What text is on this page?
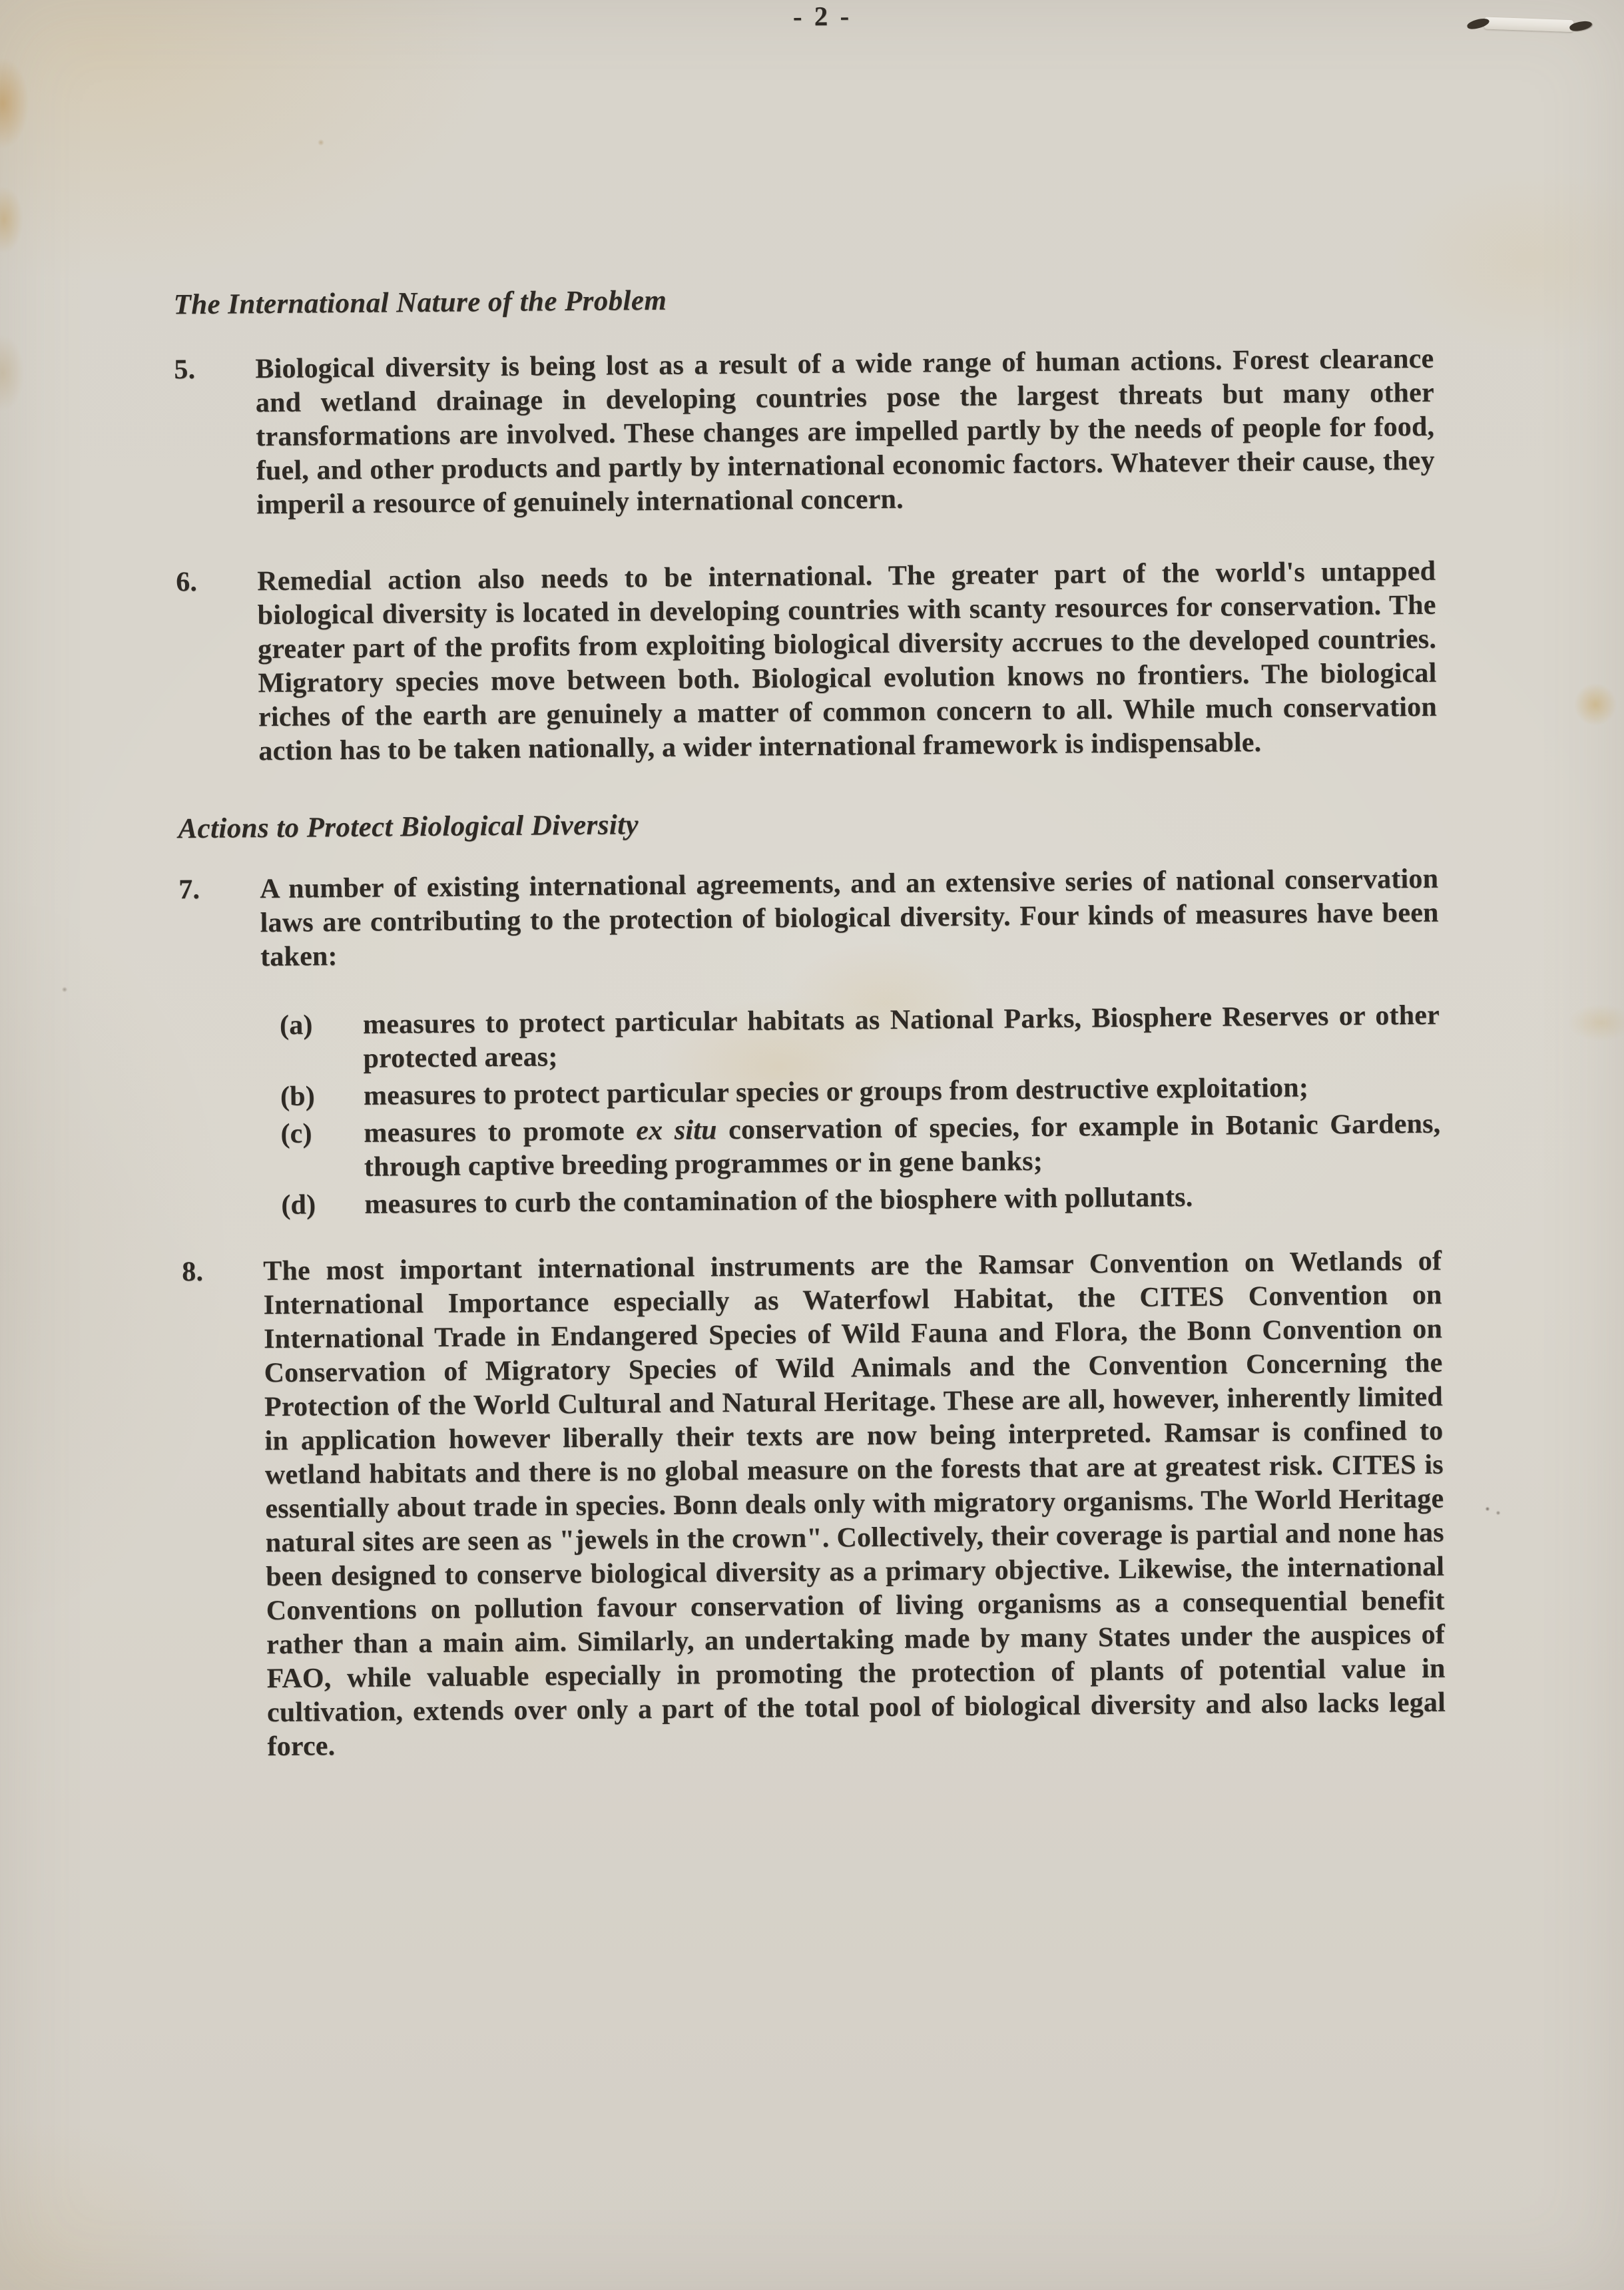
The International Nature of the Problem
5.	Biological diversity is being lost as a result of a wide range of human actions. Forest clearance and wetland drainage in developing countries pose the largest threats but many other transformations are involved. These changes are impelled partly by the needs of people for food, fuel, and other products and partly by international economic factors. Whatever their cause, they imperil a resource of genuinely international concern.
6.	Remedial action also needs to be international. The greater part of the world's untapped biological diversity is located in developing countries with scanty resources for conservation. The greater part of the profits from exploiting biological diversity accrues to the developed countries. Migratory species move between both. Biological evolution knows no frontiers. The biological riches of the earth are genuinely a matter of common concern to all. While much conservation action has to be taken nationally, a wider international framework is indispensable.
Actions to Protect Biological Diversity
7.	A number of existing international agreements, and an extensive series of national conservation laws are contributing to the protection of biological diversity. Four kinds of measures have been taken:
(a)	measures to protect particular habitats as National Parks, Biosphere Reserves or other protected areas;
(b)	measures to protect particular species or groups from destructive exploitation;
(c)	measures to promote ex situ conservation of species, for example in Botanic Gardens, through captive breeding programmes or in gene banks;
(d)	measures to curb the contamination of the biosphere with pollutants.
8.	The most important international instruments are the Ramsar Convention on Wetlands of International Importance especially as Waterfowl Habitat, the CITES Convention on International Trade in Endangered Species of Wild Fauna and Flora, the Bonn Convention on Conservation of Migratory Species of Wild Animals and the Convention Concerning the Protection of the World Cultural and Natural Heritage. These are all, however, inherently limited in application however liberally their texts are now being interpreted. Ramsar is confined to wetland habitats and there is no global measure on the forests that are at greatest risk. CITES is essentially about trade in species. Bonn deals only with migratory organisms. The World Heritage natural sites are seen as "jewels in the crown". Collectively, their coverage is partial and none has been designed to conserve biological diversity as a primary objective. Likewise, the international Conventions on pollution favour conservation of living organisms as a consequential benefit rather than a main aim. Similarly, an undertaking made by many States under the auspices of FAO, while valuable especially in promoting the protection of plants of potential value in cultivation, extends over only a part of the total pool of biological diversity and also lacks legal force.
- 2 -
